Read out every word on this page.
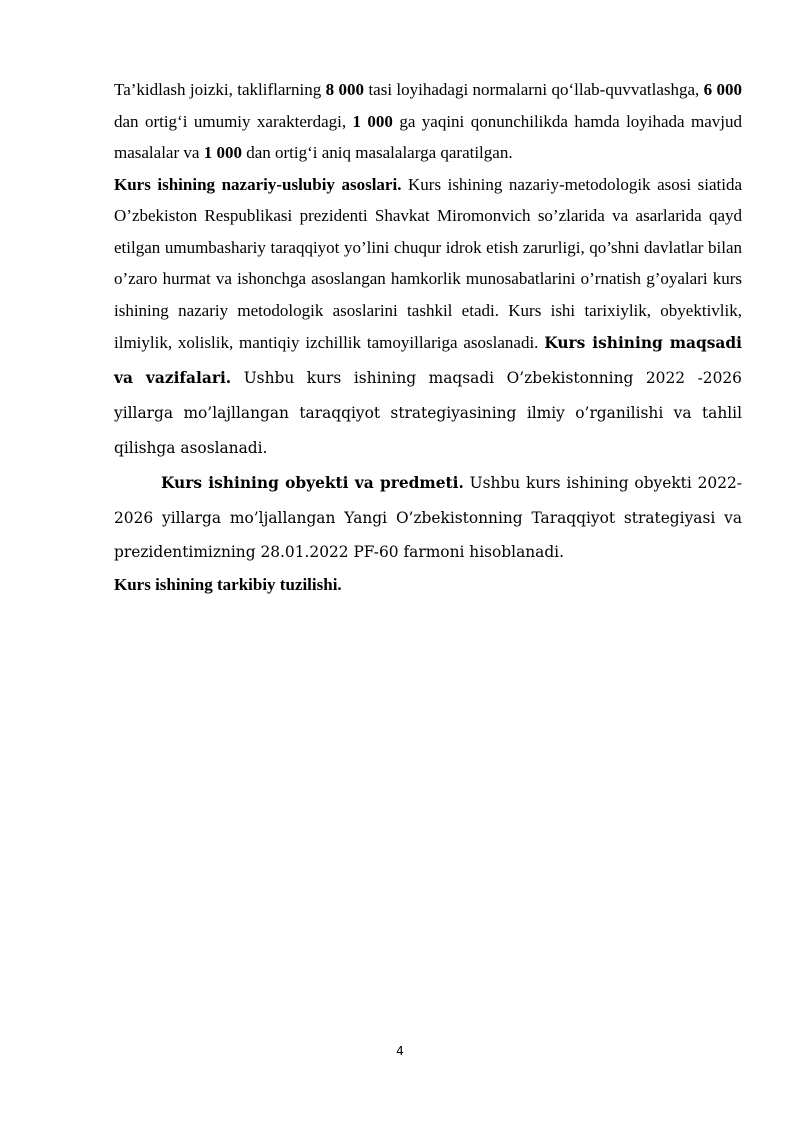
Ta’kidlash joizki, takliflarning 8 000 tasi loyihadagi normalarni qo‘llab-quvvatlashga, 6 000 dan ortig‘i umumiy xarakterdagi, 1 000 ga yaqini qonunchilikda hamda loyihada mavjud masalalar va 1 000 dan ortig‘i aniq masalalarga qaratilgan.

Kurs ishining nazariy-uslubiy asoslari. Kurs ishining nazariy-metodologik asosi siatida O’zbekiston Respublikasi prezidenti Shavkat Miromonvich so’zlarida va asarlarida qayd etilgan umumbashariy taraqqiyot yo’lini chuqur idrok etish zarurligi, qo’shni davlatlar bilan o’zaro hurmat va ishonchga asoslangan hamkorlik munosabatlarini o’rnatish g’oyalari kurs ishining nazariy metodologik asoslarini tashkil etadi. Kurs ishi tarixiylik, obyektivlik, ilmiylik, xolislik, mantiqiy izchillik tamoyillariga asoslanadi. Kurs ishining maqsadi va vazifalari. Ushbu kurs ishining maqsadi O’zbekistonning 2022 -2026 yillarga mo’lajllangan taraqqiyot strategiyasining ilmiy o’rganilishi va tahlil qilishga asoslanadi.

Kurs ishining obyekti va predmeti. Ushbu kurs ishining obyekti 2022-2026 yillarga mo’ljallangan Yangi O’zbekistonning Taraqqiyot strategiyasi va prezidentimizning 28.01.2022 PF-60 farmoni hisoblanadi.

Kurs ishining tarkibiy tuzilishi.

4
